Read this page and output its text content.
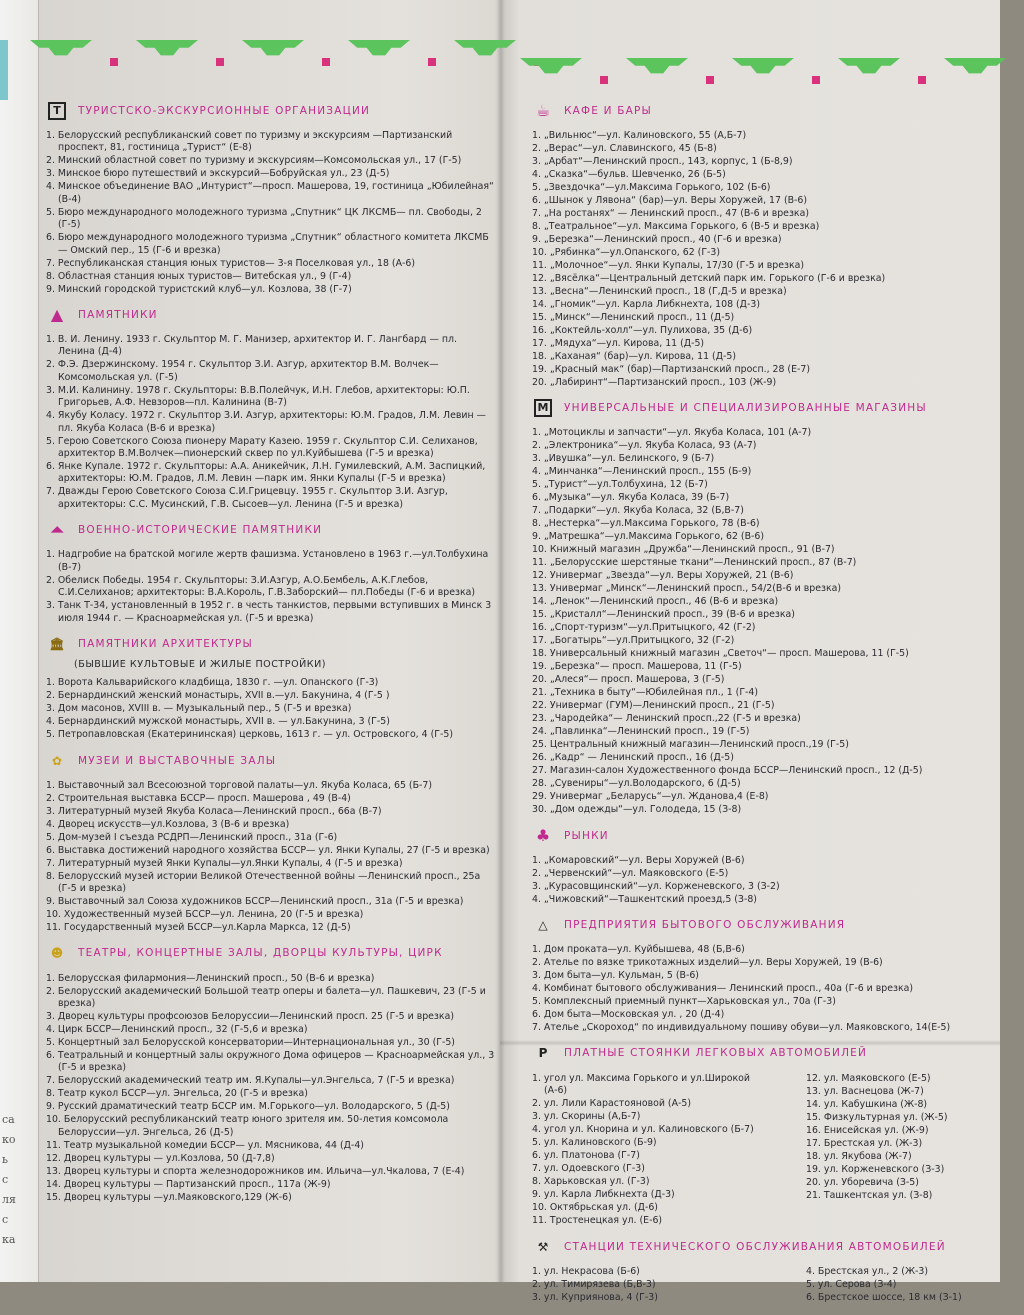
са
ко
ь
с
ля
с
ка
Т	ТУРИСТСКО-ЭКСКУРСИОННЫЕ ОРГАНИЗАЦИИ
1. Белорусский республиканский совет по туризму и экскурсиям —Партизанский проспект, 81, гостиница „Турист“ (Е-8)
2. Минский областной совет по туризму и экскурсиям—Комсомольская ул., 17 (Г-5)
3. Минское бюро путешествий и экскурсий—Бобруйская ул., 23 (Д-5)
4. Минское объединение ВАО „Интурист“—просп. Машерова, 19, гостиница „Юбилейная“ (В-4)
5. Бюро международного молодежного туризма „Спутник“ ЦК ЛКСМБ— пл. Свободы, 2 (Г-5)
6. Бюро международного молодежного туризма „Спутник“ областного комитета ЛКСМБ— Омский пер., 15 (Г-6 и врезка)
7. Республиканская станция юных туристов— 3-я Поселковая ул., 18 (А-6)
8. Областная станция юных туристов— Витебская ул., 9 (Г-4)
9. Минский городской туристский клуб—ул. Козлова, 38 (Г-7)
▲ ПАМЯТНИКИ
1. В. И. Ленину. 1933 г. Скульптор М. Г. Манизер, архитектор И. Г. Лангбард — пл. Ленина (Д-4)
2. Ф.Э. Дзержинскому. 1954 г. Скульптор З.И. Азгур, архитектор В.М. Волчек—Комсомольская ул. (Г-5)
3. М.И. Калинину. 1978 г. Скульпторы: В.В.Полейчук, И.Н. Глебов, архитекторы: Ю.П. Григорьев, А.Ф. Невзоров—пл. Калинина (В-7)
4. Якубу Коласу. 1972 г. Скульптор З.И. Азгур, архитекторы: Ю.М. Градов, Л.М. Левин — пл. Якуба Коласа (В-6 и врезка)
5. Герою Советского Союза пионеру Марату Казею. 1959 г. Скульптор С.И. Селиханов, архитектор В.М.Волчек—пионерский сквер по ул.Куйбышева (Г-5 и врезка)
6. Янке Купале. 1972 г. Скульпторы: А.А. Аникейчик, Л.Н. Гумилевский, А.М. Заспицкий, архитекторы: Ю.М. Градов, Л.М. Левин —парк им. Янки Купалы (Г-5 и врезка)
7. Дважды Герою Советского Союза С.И.Грицевцу. 1955 г. Скульптор З.И. Азгур, архитекторы: С.С. Мусинский, Г.В. Сысоев—ул. Ленина (Г-5 и врезка)
⏶ ВОЕННО-ИСТОРИЧЕСКИЕ ПАМЯТНИКИ
1. Надгробие на братской могиле жертв фашизма. Установлено в 1963 г.—ул.Толбухина (В-7)
2. Обелиск Победы. 1954 г. Скульпторы: З.И.Азгур, А.О.Бембель, А.К.Глебов, С.И.Селиханов; архитекторы: В.А.Король, Г.В.Заборский— пл.Победы (Г-6 и врезка)
3. Танк Т-34, установленный в 1952 г. в честь танкистов, первыми вступивших в Минск 3 июля 1944 г. — Красноармейская ул. (Г-5 и врезка)
🏛 ПАМЯТНИКИ АРХИТЕКТУРЫ
(БЫВШИЕ КУЛЬТОВЫЕ И ЖИЛЫЕ ПОСТРОЙКИ)
1. Ворота Кальварийского кладбища, 1830 г. —ул. Опанского (Г-3)
2. Бернардинский женский монастырь, XVII в.—ул. Бакунина, 4 (Г-5 )
3. Дом масонов, XVIII в. — Музыкальный пер., 5 (Г-5 и врезка)
4. Бернардинский мужской монастырь, XVII в. — ул.Бакунина, 3 (Г-5)
5. Петропавловская (Екатерининская) церковь, 1613 г. — ул. Островского, 4 (Г-5)
✿	МУЗЕИ И ВЫСТАВОЧНЫЕ ЗАЛЫ
1. Выставочный зал Всесоюзной торговой палаты—ул. Якуба Коласа, 65 (Б-7)
2. Строительная выставка БССР— просп. Машерова , 49 (В-4)
3. Литературный музей Якуба Коласа—Ленинский просп., 66а (В-7)
4. Дворец искусств—ул.Козлова, 3 (В-6 и врезка)
5. Дом-музей I съезда РСДРП—Ленинский просп., 31а (Г-6)
6. Выставка достижений народного хозяйства БССР— ул. Янки Купалы, 27 (Г-5 и врезка)
7. Литературный музей Янки Купалы—ул.Янки Купалы, 4 (Г-5 и врезка)
8. Белорусский музей истории Великой Отечественной войны —Ленинский просп., 25а (Г-5 и врезка)
9. Выставочный зал Союза художников БССР—Ленинский просп., 31а (Г-5 и врезка)
10. Художественный музей БССР—ул. Ленина, 20 (Г-5 и врезка)
11. Государственный музей БССР—ул.Карла Маркса, 12 (Д-5)
☻ ТЕАТРЫ, КОНЦЕРТНЫЕ ЗАЛЫ, ДВОРЦЫ КУЛЬТУРЫ, ЦИРК
1. Белорусская филармония—Ленинский просп., 50 (В-6 и врезка)
2. Белорусский академический Большой театр оперы и балета—ул. Пашкевич, 23 (Г-5 и врезка)
3. Дворец культуры профсоюзов Белоруссии—Ленинский просп. 25 (Г-5 и врезка)
4. Цирк БССР—Ленинский просп., 32 (Г-5,6 и врезка)
5. Концертный зал Белорусской консерватории—Интернациональная ул., 30 (Г-5)
6. Театральный и концертный залы окружного Дома офицеров — Красноармейская ул., 3 (Г-5 и врезка)
7. Белорусский академический театр им. Я.Купалы—ул.Энгельса, 7 (Г-5 и врезка)
8. Театр кукол БССР—ул. Энгельса, 20 (Г-5 и врезка)
9. Русский драматический театр БССР им. М.Горького—ул. Володарского, 5 (Д-5)
10. Белорусский республиканский театр юного зрителя им. 50-летия комсомола Белоруссии—ул. Энгельса, 26 (Д-5)
11. Театр музыкальной комедии БССР— ул. Мясникова, 44 (Д-4)
12. Дворец культуры — ул.Козлова, 50 (Д-7,8)
13. Дворец культуры и спорта железнодорожников им. Ильича—ул.Чкалова, 7 (Е-4)
14. Дворец культуры — Партизанский просп., 117а (Ж-9)
15. Дворец культуры —ул.Маяковского,129 (Ж-6)
☕ КАФЕ И БАРЫ
1. „Вильнюс“—ул. Калиновского, 55 (А,Б-7)
2. „Верас“—ул. Славинского, 45 (Б-8)
3. „Арбат“—Ленинский просп., 143, корпус, 1 (Б-8,9)
4. „Сказка“—бульв. Шевченко, 26 (Б-5)
5. „Звездочка“—ул.Максима Горького, 102 (Б-6)
6. „Шынок у Лявона“ (бар)—ул. Веры Хоружей, 17 (В-6)
7. „На ростанях“ — Ленинский просп., 47 (В-6 и врезка)
8. „Театральное“—ул. Максима Горького, 6 (В-5 и врезка)
9. „Березка“—Ленинский просп., 40 (Г-6 и врезка)
10. „Рябинка“—ул.Опанского, 62 (Г-3)
11. „Молочное“—ул. Янки Купалы, 17/30 (Г-5 и врезка)
12. „Вясёлка“—Центральный детский парк им. Горького (Г-6 и врезка)
13. „Весна“—Ленинский просп., 18 (Г,Д-5 и врезка)
14. „Гномик“—ул. Карла Либкнехта, 108 (Д-3)
15. „Минск“—Ленинский просп., 11 (Д-5)
16. „Коктейль-холл“—ул. Пулихова, 35 (Д-6)
17. „Мядуха“—ул. Кирова, 11 (Д-5)
18. „Каханая“ (бар)—ул. Кирова, 11 (Д-5)
19. „Красный мак“ (бар)—Партизанский просп., 28 (Е-7)
20. „Лабиринт“—Партизанский просп., 103 (Ж-9)
М	УНИВЕРСАЛЬНЫЕ И СПЕЦИАЛИЗИРОВАННЫЕ МАГАЗИНЫ
1. „Мотоциклы и запчасти“—ул. Якуба Коласа, 101 (А-7)
2. „Электроника“—ул. Якуба Коласа, 93 (А-7)
3. „Ивушка“—ул. Белинского, 9 (Б-7)
4. „Минчанка“—Ленинский просп., 155 (Б-9)
5. „Турист“—ул.Толбухина, 12 (Б-7)
6. „Музыка“—ул. Якуба Коласа, 39 (Б-7)
7. „Подарки“—ул. Якуба Коласа, 32 (Б,В-7)
8. „Нестерка“—ул.Максима Горького, 78 (В-6)
9. „Матрешка“—ул.Максима Горького, 62 (В-6)
10. Книжный магазин „Дружба“—Ленинский просп., 91 (В-7)
11. „Белорусские шерстяные ткани“—Ленинский просп., 87 (В-7)
12. Универмаг „Звезда“—ул. Веры Хоружей, 21 (В-6)
13. Универмаг „Минск“—Ленинский просп., 54/2(В-6 и врезка)
14. „Ленок“—Ленинский просп., 46 (В-6 и врезка)
15. „Кристалл“—Ленинский просп., 39 (В-6 и врезка)
16. „Спорт-туризм“—ул.Притыцкого, 42 (Г-2)
17. „Богатырь“—ул.Притыцкого, 32 (Г-2)
18. Универсальный книжный магазин „Светоч“— просп. Машерова, 11 (Г-5)
19. „Березка“— просп. Машерова, 11 (Г-5)
20. „Алеся“— просп. Машерова, 3 (Г-5)
21. „Техника в быту“—Юбилейная пл., 1 (Г-4)
22. Универмаг (ГУМ)—Ленинский просп., 21 (Г-5)
23. „Чародейка“— Ленинский просп.,22 (Г-5 и врезка)
24. „Павлинка“—Ленинский просп., 19 (Г-5)
25. Центральный книжный магазин—Ленинский просп.,19 (Г-5)
26. „Кадр“ — Ленинский просп., 16 (Д-5)
27. Магазин-салон Художественного фонда БССР—Ленинский просп., 12 (Д-5)
28. „Сувениры“—ул.Володарского, 6 (Д-5)
29. Универмаг „Беларусь“—ул. Жданова,4 (Е-8)
30. „Дом одежды“—ул. Голодеда, 15 (З-8)
♣ РЫНКИ
1. „Комаровский“—ул. Веры Хоружей (В-6)
2. „Червенский“—ул. Маяковского (Е-5)
3. „Курасовщинский“—ул. Корженевского, 3 (З-2)
4. „Чижовский“—Ташкентский проезд,5 (З-8)
△	ПРЕДПРИЯТИЯ БЫТОВОГО ОБСЛУЖИВАНИЯ
1. Дом проката—ул. Куйбышева, 48 (Б,В-6)
2. Ателье по вязке трикотажных изделий—ул. Веры Хоружей, 19 (В-6)
3. Дом быта—ул. Кульман, 5 (В-6)
4. Комбинат бытового обслуживания— Ленинский просп., 40а (Г-6 и врезка)
5. Комплексный приемный пункт—Харьковская ул., 70а (Г-3)
6. Дом быта—Московская ул. , 20 (Д-4)
7. Ателье „Скороход“ по индивидуальному пошиву обуви—ул. Маяковского, 14(Е-5)
P	ПЛАТНЫЕ СТОЯНКИ ЛЕГКОВЫХ АВТОМОБИЛЕЙ
1. угол ул. Максима Горького и ул.Широкой (А-6)
2. ул. Лили Карастояновой (А-5)
3. ул. Скорины (А,Б-7)
4. угол ул. Кнорина и ул. Калиновского (Б-7)
5. ул. Калиновского (Б-9)
6. ул. Платонова (Г-7)
7. ул. Одоевского (Г-3)
8. Харьковская ул. (Г-3)
9. ул. Карла Либкнехта (Д-3)
10. Октябрьская ул. (Д-6)
11. Тростенецкая ул. (Е-6)
12. ул. Маяковского (Е-5)
13. ул. Васнецова (Ж-7)
14. ул. Кабушкина (Ж-8)
15. Физкультурная ул. (Ж-5)
16. Енисейская ул. (Ж-9)
17. Брестская ул. (Ж-3)
18. ул. Якубова (Ж-7)
19. ул. Корженевского (З-3)
20. ул. Уборевича (З-5)
21. Ташкентская ул. (З-8)
⚒	СТАНЦИИ ТЕХНИЧЕСКОГО ОБСЛУЖИВАНИЯ АВТОМОБИЛЕЙ
1. ул. Некрасова (Б-6)
2. ул. Тимирязева (Б,В-3)
3. ул. Куприянова, 4 (Г-3)
4. Брестская ул., 2 (Ж-3)
5. ул. Серова (З-4)
6. Брестское шоссе, 18 км (З-1)
